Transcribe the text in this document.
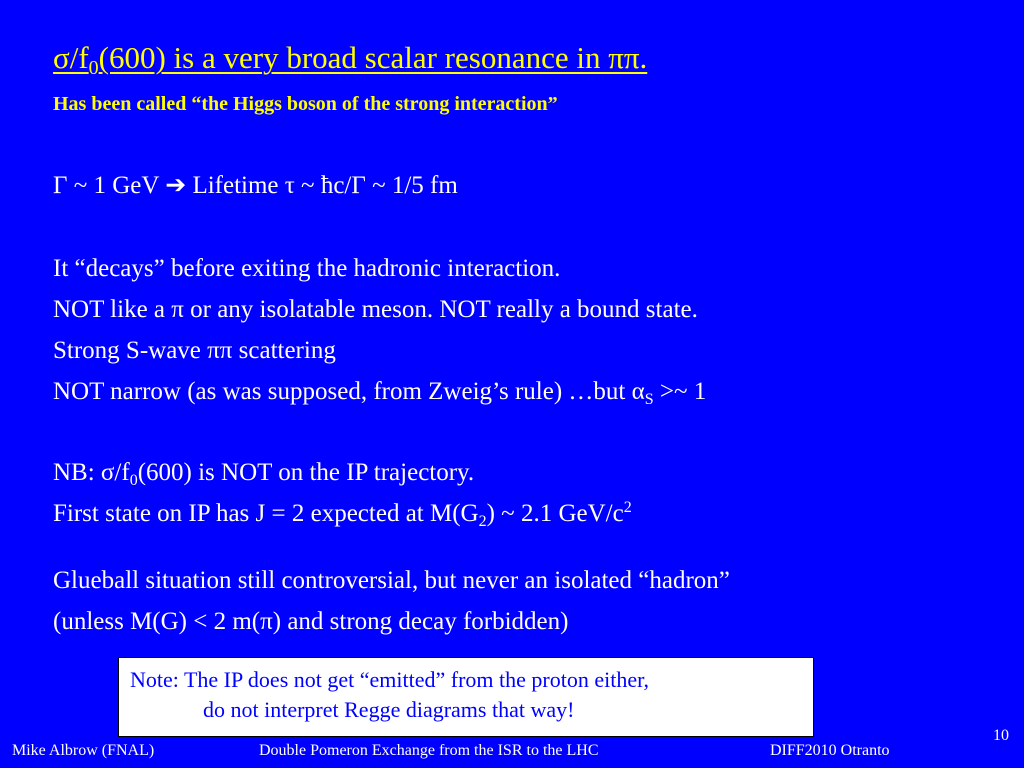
$\sigma/f_0(600)$ is a very broad scalar resonance in ππ.
Has been called “the Higgs boson of the strong interaction”
Γ ~ 1 GeV ➔ Lifetime τ ~ ħc/Γ ~ 1/5 fm
It “decays” before exiting the hadronic interaction.
NOT like a π or any isolatable meson. NOT really a bound state.
Strong S-wave ππ scattering
NOT narrow (as was supposed, from Zweig’s rule) …but $\alpha_S$ >~ 1
NB: $\sigma/f_0(600)$ is NOT on the IP trajectory.
First state on IP has J = 2 expected at $M(G_2)$ ~ 2.1 GeV/$c^2$
Glueball situation still controversial, but never an isolated “hadron”
(unless M(G) < 2 m(π) and strong decay forbidden)
Note: The IP does not get “emitted” from the proton either,
do not interpret Regge diagrams that way!
10
Mike Albrow (FNAL)	Double Pomeron Exchange from the ISR to the LHC	DIFF2010 Otranto
